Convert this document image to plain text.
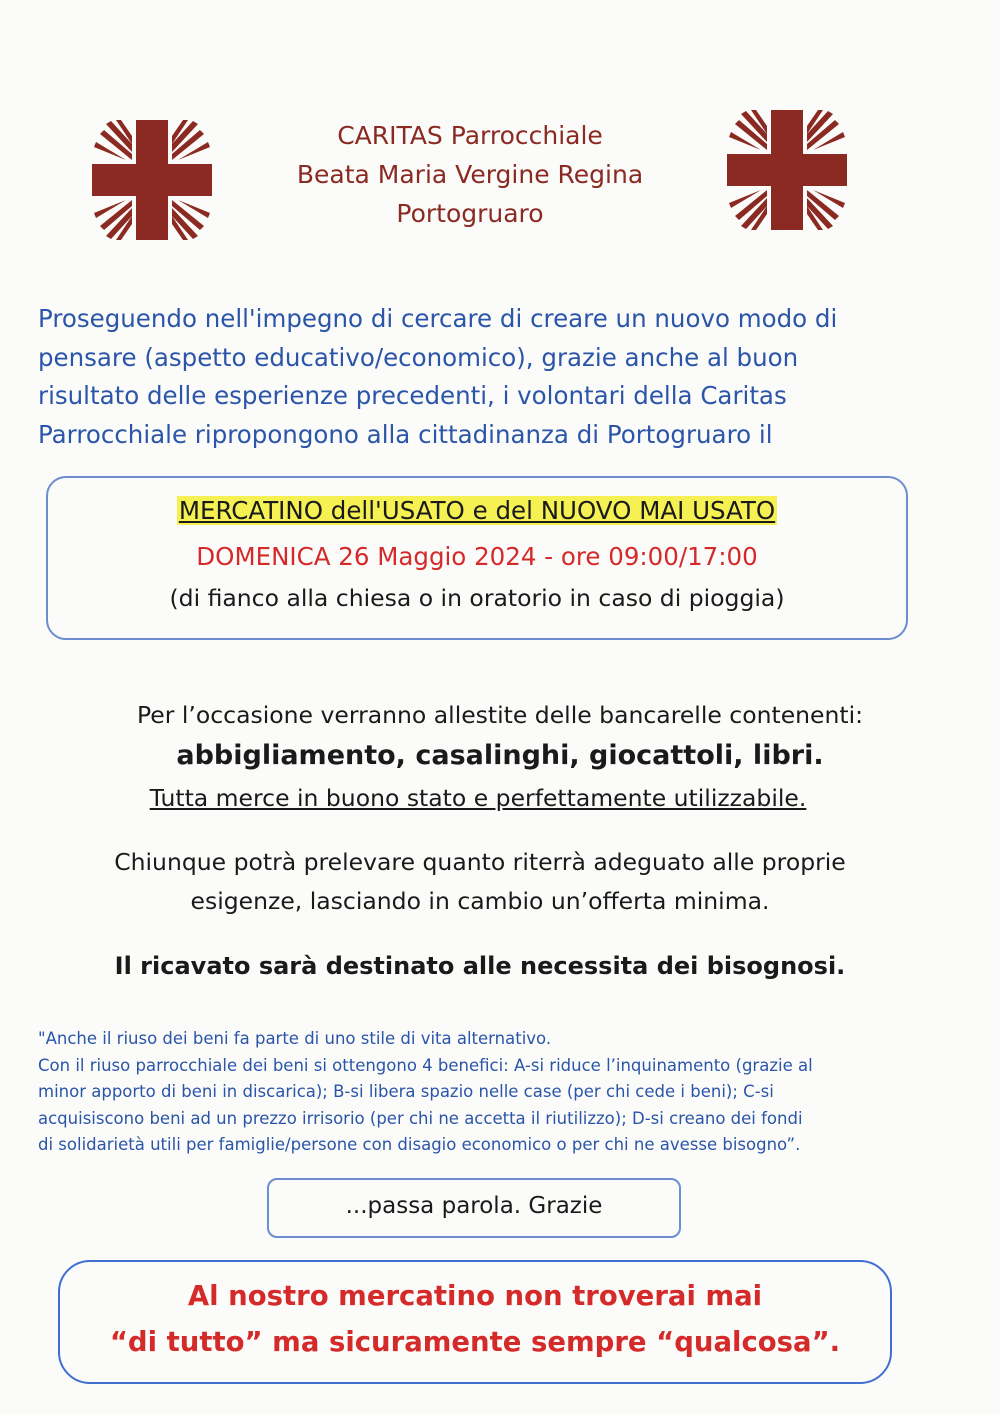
CARITAS Parrocchiale
Beata Maria Vergine Regina
Portogruaro
Proseguendo nell'impegno di cercare di creare un nuovo modo di
pensare (aspetto educativo/economico), grazie anche al buon
risultato delle esperienze precedenti, i volontari della Caritas
Parrocchiale ripropongono alla cittadinanza di Portogruaro il
MERCATINO dell'USATO e del NUOVO MAI USATO
DOMENICA 26 Maggio 2024 - ore 09:00/17:00
(di fianco alla chiesa o in oratorio in caso di pioggia)
Per l’occasione verranno allestite delle bancarelle contenenti:
abbigliamento, casalinghi, giocattoli, libri.
Tutta merce in buono stato e perfettamente utilizzabile.
Chiunque potrà prelevare quanto riterrà adeguato alle proprie
esigenze, lasciando in cambio un’offerta minima.
Il ricavato sarà destinato alle necessita dei bisognosi.
"Anche il riuso dei beni fa parte di uno stile di vita alternativo.
Con il riuso parrocchiale dei beni si ottengono 4 benefici: A-si riduce l’inquinamento (grazie al
minor apporto di beni in discarica); B-si libera spazio nelle case (per chi cede i beni); C-si
acquisiscono beni ad un prezzo irrisorio (per chi ne accetta il riutilizzo); D-si creano dei fondi
di solidarietà utili per famiglie/persone con disagio economico o per chi ne avesse bisogno”.
...passa parola. Grazie
Al nostro mercatino non troverai mai
“di tutto” ma sicuramente sempre “qualcosa”.
